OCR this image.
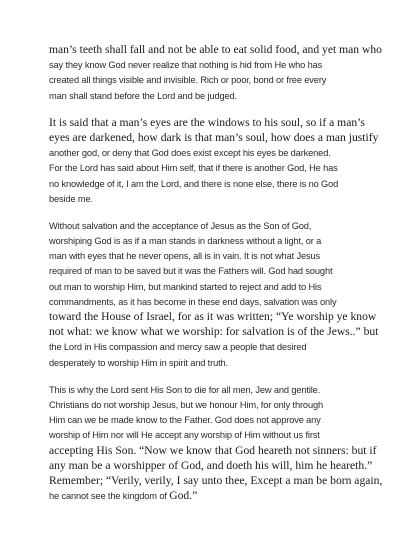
man’s teeth shall fall and not be able to eat solid food, and yet man who
say they know God never realize that nothing is hid from He who has
created all things visible and invisible. Rich or poor, bond or free every
man shall stand before the Lord and be judged.

It is said that a man’s eyes are the windows to his soul, so if a man’s
eyes are darkened, how dark is that man’s soul, how does a man justify
another god, or deny that God does exist except his eyes be darkened.
For the Lord has said about Him self, that if there is another God, He has
no knowledge of it, I am the Lord, and there is none else, there is no God
beside me.

Without salvation and the acceptance of Jesus as the Son of God,
worshiping God is as if a man stands in darkness without a light, or a
man with eyes that he never opens, all is in vain. It is not what Jesus
required of man to be saved but it was the Fathers will. God had sought
out man to worship Him, but mankind started to reject and add to His
commandments, as it has become in these end days, salvation was only
toward the House of Israel, for as it was written; “Ye worship ye know
not what: we know what we worship: for salvation is of the Jews..” but
the Lord in His compassion and mercy saw a people that desired
desperately to worship Him in spirit and truth.

This is why the Lord sent His Son to die for all men, Jew and gentile.
Christians do not worship Jesus, but we honour Him, for only through
Him can we be made know to the Father. God does not approve any
worship of Him nor will He accept any worship of Him without us first
accepting His Son. “Now we know that God heareth not sinners: but if
any man be a worshipper of God, and doeth his will, him he heareth.”
Remember; “Verily, verily, I say unto thee, Except a man be born again,
he cannot see the kingdom of God.”
